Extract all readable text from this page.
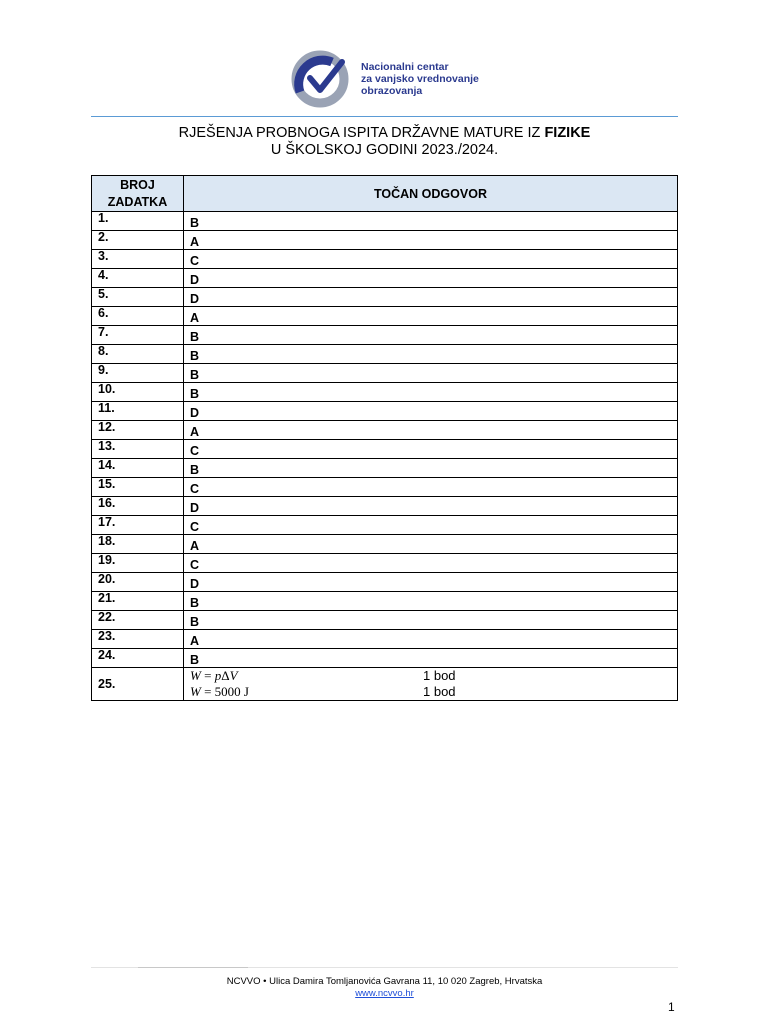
Nacionalni centar
za vanjsko vrednovanje
obrazovanja
RJEŠENJA PROBNOGA ISPITA DRŽAVNE MATURE IZ FIZIKE
U ŠKOLSKOJ GODINI 2023./2024.
BROJ
ZADATKA	TOČAN ODGOVOR
1.	B
2.	A
3.	C
4.	D
5.	D
6.	A
7.	B
8.	B
9.	B
10.	B
11.	D
12.	A
13.	C
14.	B
15.	C
16.	D
17.	C
18.	A
19.	C
20.	D
21.	B
22.	B
23.	A
24.	B
25.	W = pΔV 1 bod
W = 5000 J 1 bod
NCVVO • Ulica Damira Tomljanovića Gavrana 11, 10 020 Zagreb, Hrvatska
www.ncvvo.hr
1
